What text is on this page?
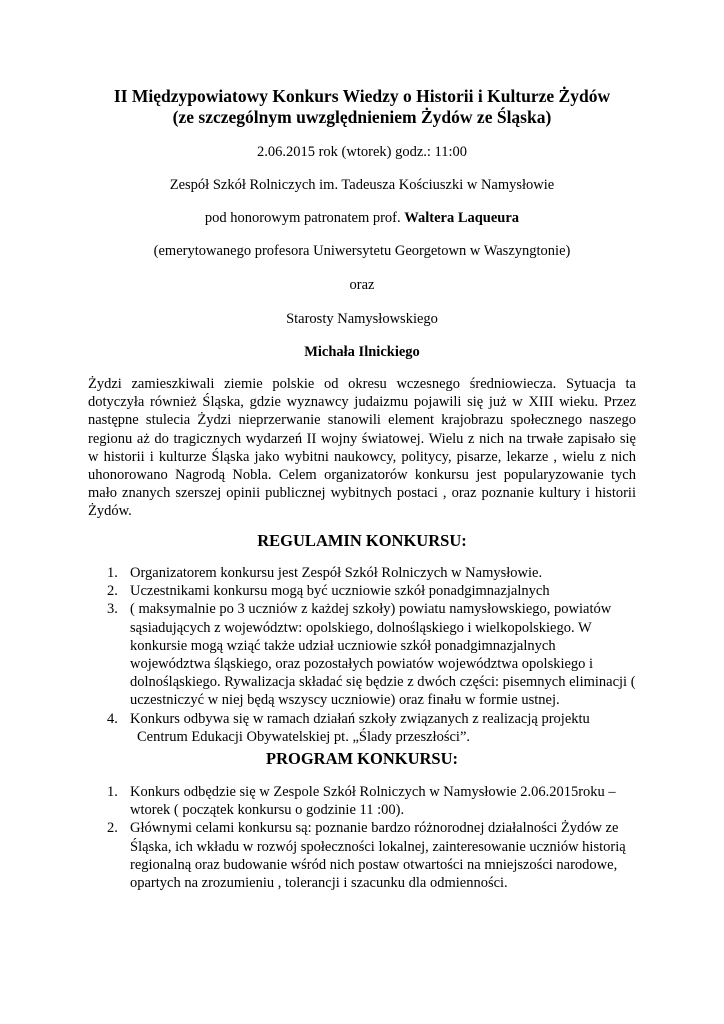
II Międzypowiatowy Konkurs Wiedzy o Historii i Kulturze Żydów
(ze szczególnym uwzględnieniem Żydów ze Śląska)
2.06.2015 rok (wtorek) godz.: 11:00
Zespół Szkół Rolniczych im. Tadeusza Kościuszki w Namysłowie
pod honorowym patronatem prof. Waltera Laqueura
(emerytowanego profesora Uniwersytetu Georgetown w Waszyngtonie)
oraz
Starosty Namysłowskiego
Michała Ilnickiego
Żydzi zamieszkiwali ziemie polskie od okresu wczesnego średniowiecza. Sytuacja ta dotyczyła również Śląska, gdzie wyznawcy judaizmu pojawili się już w XIII wieku. Przez następne stulecia Żydzi nieprzerwanie stanowili element krajobrazu społecznego naszego regionu aż do tragicznych wydarzeń II wojny światowej. Wielu z nich na trwałe zapisało się w historii i kulturze Śląska jako wybitni naukowcy, politycy, pisarze, lekarze , wielu z nich uhonorowano Nagrodą Nobla. Celem organizatorów konkursu jest popularyzowanie tych mało znanych szerszej opinii publicznej wybitnych postaci , oraz poznanie kultury i historii Żydów.
REGULAMIN KONKURSU:
1. Organizatorem konkursu jest Zespół Szkół Rolniczych w Namysłowie.
2. Uczestnikami konkursu mogą być uczniowie szkół ponadgimnazjalnych
3. ( maksymalnie po 3 uczniów z każdej szkoły) powiatu namysłowskiego, powiatów sąsiadujących z województw: opolskiego, dolnośląskiego i wielkopolskiego. W konkursie mogą wziąć także udział uczniowie szkół ponadgimnazjalnych województwa śląskiego, oraz pozostałych powiatów województwa opolskiego i dolnośląskiego. Rywalizacja składać się będzie z dwóch części: pisemnych eliminacji ( uczestniczyć w niej będą wszyscy uczniowie) oraz finału w formie ustnej.
4. Konkurs odbywa się w ramach działań szkoły związanych z realizacją projektu
Centrum Edukacji Obywatelskiej pt. „Ślady przeszłości”.
PROGRAM KONKURSU:
1. Konkurs odbędzie się w Zespole Szkół Rolniczych w Namysłowie 2.06.2015roku – wtorek ( początek konkursu o godzinie 11 :00).
2. Głównymi celami konkursu są: poznanie bardzo różnorodnej działalności Żydów ze Śląska, ich wkładu w rozwój społeczności lokalnej, zainteresowanie uczniów historią regionalną oraz budowanie wśród nich postaw otwartości na mniejszości narodowe, opartych na zrozumieniu , tolerancji i szacunku dla odmienności.
